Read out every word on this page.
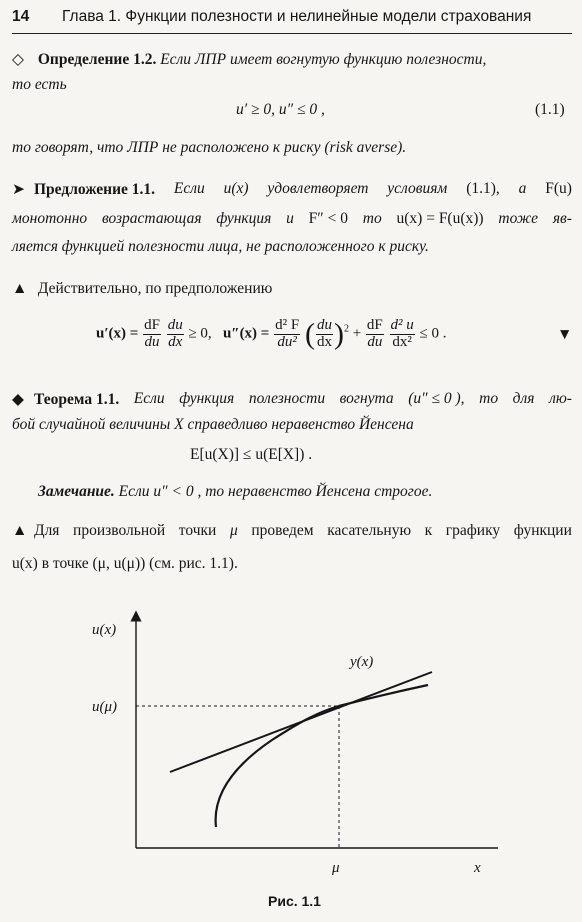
14 Глава 1. Функции полезности и нелинейные модели страхования
◇ Определение 1.2. Если ЛПР имеет вогнутую функцию полезности,
то есть
u′ ≥ 0, u″ ≤ 0 ,	(1.1)
то говорят, что ЛПР не расположено к риску (risk averse).
➤ Предложение 1.1. Если u(x) удовлетворяет условиям (1.1), а F(u)
монотонно возрастающая функция и F″ < 0 то u(x) = F(u(x)) тоже яв-
ляется функцией полезности лица, не расположенного к риску.
▲ Действительно, по предположению
$u'(x) = \frac{dF}{du}$
$\frac{du}{dx} \ge 0$, $u''(x) = \frac{\text{d² F}}{\text{du²}}$ ( $\frac{du}{dx} )^2 + \frac{dF}{du}$
$\frac{\text{d² u}}{\text{dx²}} \le 0$ .	▼
◆ Теорема 1.1. Если функция полезности вогнута (u″ ≤ 0 ), то для лю-
бой случайной величины X справедливо неравенство Йенсена
E[u(X)] ≤ u(E[X]) .
Замечание. Если u″ < 0 , то неравенство Йенсена строгое.
▲ Для произвольной точки μ проведем касательную к графику функции
u(x) в точке (μ, u(μ)) (см. рис. 1.1).
u(x)
x
y(x)
u(μ)
μ
Рис. 1.1
